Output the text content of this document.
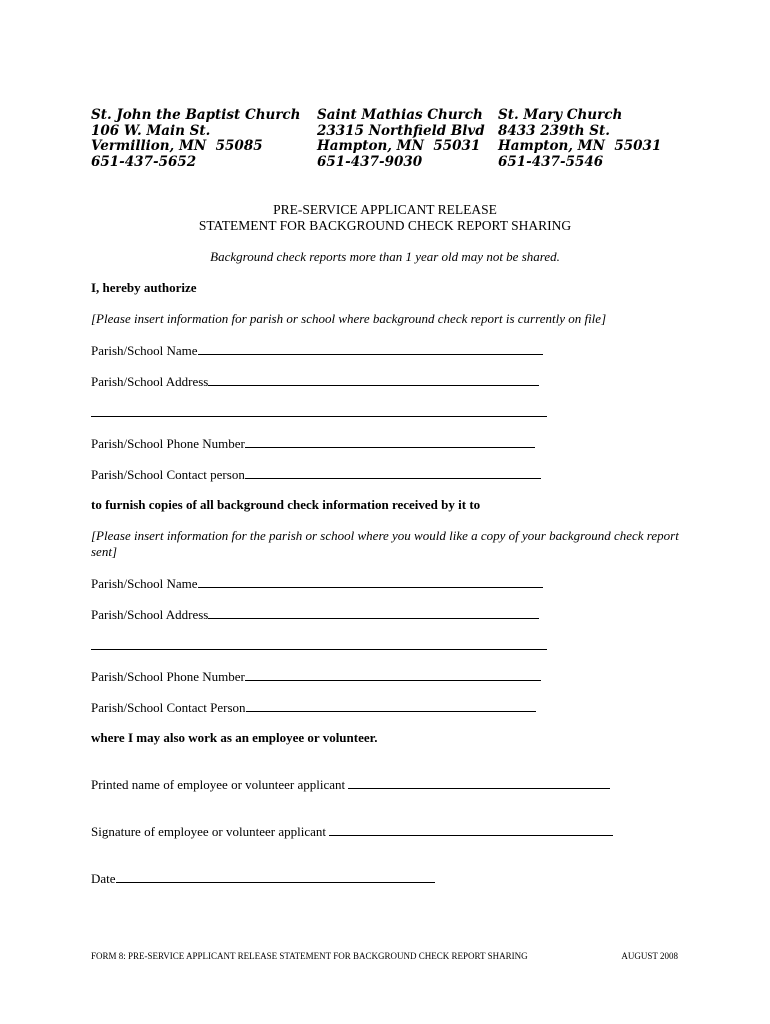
St. John the Baptist Church
106 W. Main St.
Vermillion, MN  55085
651-437-5652
Saint Mathias Church
23315 Northfield Blvd
Hampton, MN  55031
651-437-9030
St. Mary Church
8433 239th St.
Hampton, MN  55031
651-437-5546
PRE-SERVICE APPLICANT RELEASE
STATEMENT FOR BACKGROUND CHECK REPORT SHARING
Background check reports more than 1 year old may not be shared.
I, hereby authorize
[Please insert information for parish or school where background check report is currently on file]
Parish/School Name
Parish/School Address
Parish/School Phone Number
Parish/School Contact person
to furnish copies of all background check information received by it to
[Please insert information for the parish or school where you would like a copy of your background check report sent]
Parish/School Name
Parish/School Address
Parish/School Phone Number
Parish/School Contact Person
where I may also work as an employee or volunteer.
Printed name of employee or volunteer applicant
Signature of employee or volunteer applicant
Date
FORM 8: PRE-SERVICE APPLICANT RELEASE STATEMENT FOR BACKGROUND CHECK REPORT SHARING	AUGUST 2008
